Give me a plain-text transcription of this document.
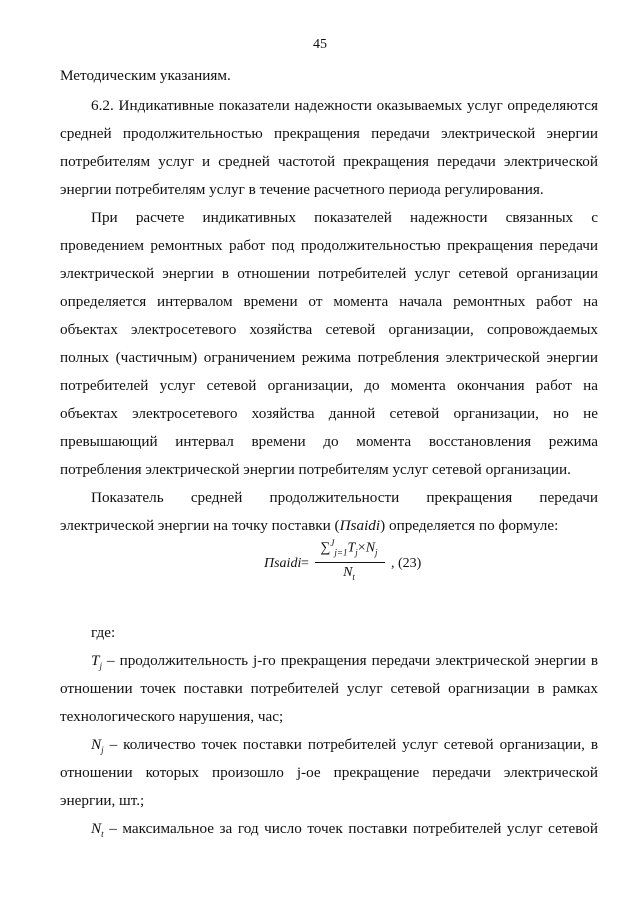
45
Методическим указаниям.
6.2. Индикативные показатели надежности оказываемых услуг определяются
средней продолжительностью прекращения передачи электрической энергии
потребителям услуг и средней частотой прекращения передачи электрической
энергии потребителям услуг в течение расчетного периода регулирования.
При расчете индикативных показателей надежности связанных с
проведением ремонтных работ под продолжительностью прекращения передачи
электрической энергии в отношении потребителей услуг сетевой организации
определяется интервалом времени от момента начала ремонтных работ на
объектах электросетевого хозяйства сетевой организации, сопровождаемых
полных (частичным) ограничением режима потребления электрической энергии
потребителей услуг сетевой организации, до момента окончания работ на
объектах электросетевого хозяйства данной сетевой организации, но не
превышающий интервал времени до момента восстановления режима
потребления электрической энергии потребителям услуг сетевой организации.
Показатель средней продолжительности прекращения передачи
электрической энергии на точку поставки (Пsaidi) определяется по формуле:
Пsaidi =
$\sum^J_{j=1}T_j\times N_j$
$N_t$
, (23)
где:
$T_j$ – продолжительность j-го прекращения передачи электрической энергии в
отношении точек поставки потребителей услуг сетевой орагнизации в рамках
технологического нарушения, час;
$N_j$ – количество точек поставки потребителей услуг сетевой организации, в
отношении которых произошло j-ое прекращение передачи электрической
энергии, шт.;
$N_t$ – максимальное за год число точек поставки потребителей услуг сетевой
